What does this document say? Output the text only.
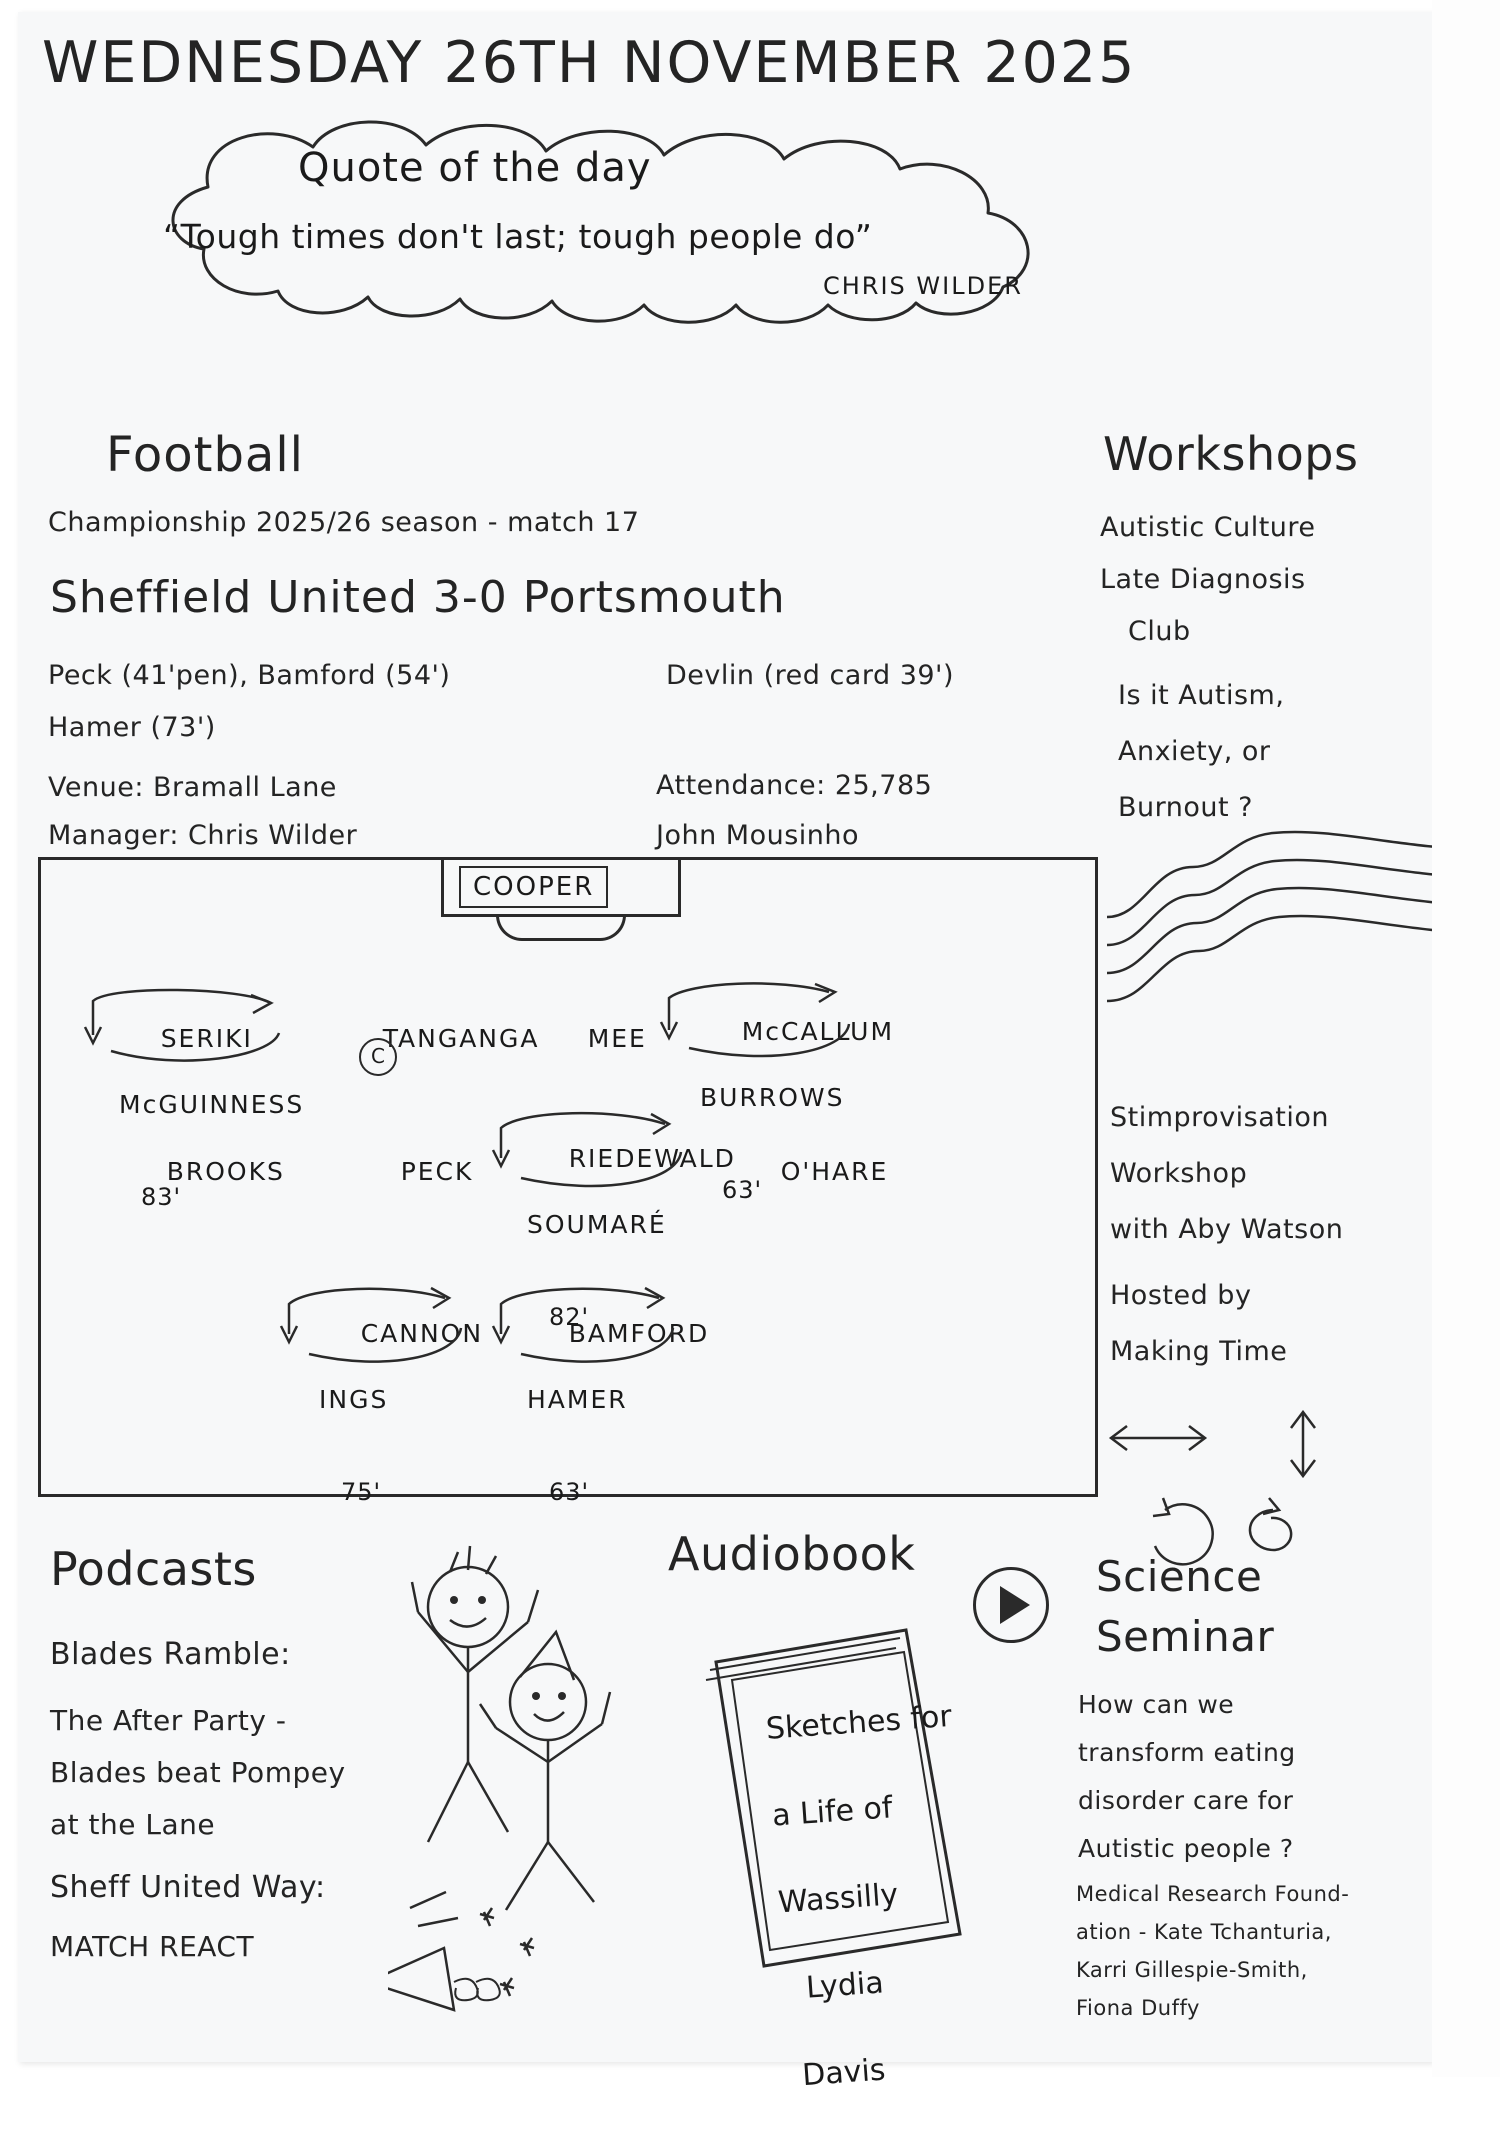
WEDNESDAY 26TH NOVEMBER 2025
Quote of the day
“Tough times don't last; tough people do”
CHRIS WILDER
Football
Championship 2025/26 season - match 17
Sheffield United 3-0 Portsmouth
Peck (41'pen), Bamford (54')
Hamer (73')
Devlin (red card 39')
Venue: Bramall Lane
Manager: Chris Wilder
Attendance: 25,785
John Mousinho
COOPER

SERIKI

McGUINNESS

83'

TANGANGA

C

MEE
	McCALLUM

BURROWS

63'

BROOKS
	PECK
	RIEDEWALD

SOUMARÉ

82'

O'HARE

CANNON

INGS

75'

BAMFORD

HAMER

63'

Workshops
Autistic Culture
Late Diagnosis
Club
Is it Autism,
Anxiety, or
Burnout ?
Stimprovisation
Workshop
with Aby Watson
Hosted by
Making Time
Podcasts
Blades Ramble:
The After Party -
Blades beat Pompey
at the Lane
Sheff United Way:
MATCH REACT
Audiobook

Sketches for

a Life of

Wassilly

Lydia

Davis

Science
Seminar
How can we
transform eating
disorder care for
Autistic people ?
Medical Research Found-
ation - Kate Tchanturia,
Karri Gillespie-Smith,
Fiona Duffy
